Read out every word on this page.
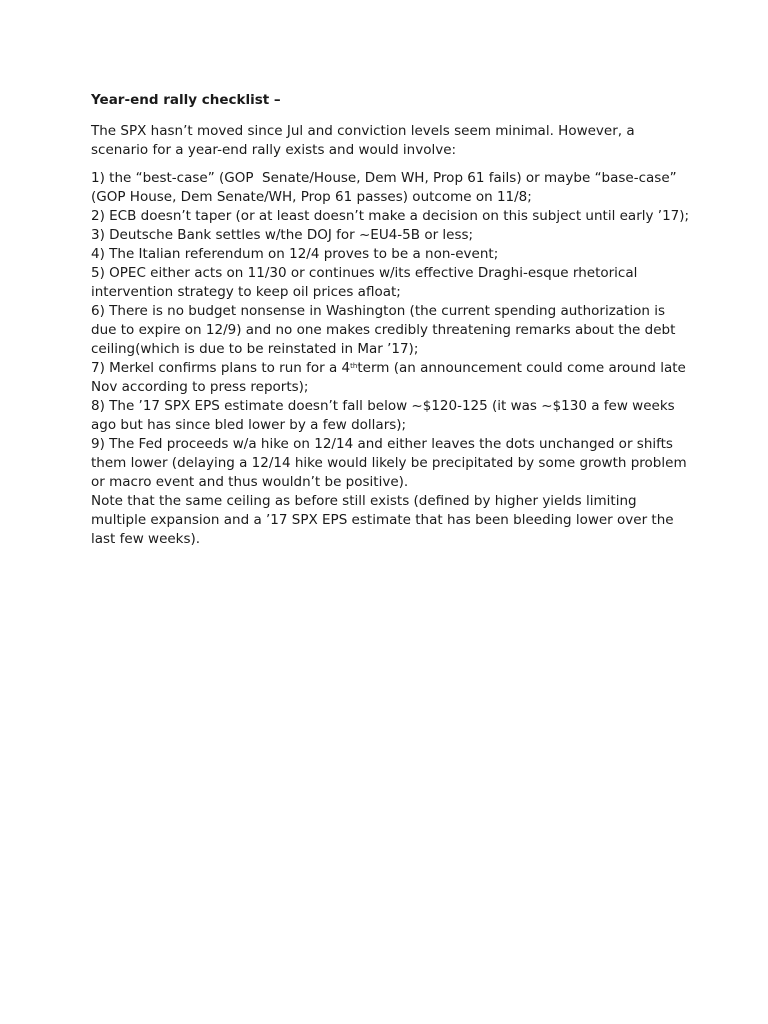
Year-end rally checklist –

The SPX hasn’t moved since Jul and conviction levels seem minimal. However, a scenario for a year-end rally exists and would involve:

1) the “best-case” (GOP  Senate/House, Dem WH, Prop 61 fails) or maybe “base-case” (GOP House, Dem Senate/WH, Prop 61 passes) outcome on 11/8;

2) ECB doesn’t taper (or at least doesn’t make a decision on this subject until early ’17);

3) Deutsche Bank settles w/the DOJ for ~EU4-5B or less;

4) The Italian referendum on 12/4 proves to be a non-event;

5) OPEC either acts on 11/30 or continues w/its effective Draghi-esque rhetorical intervention strategy to keep oil prices afloat;

6) There is no budget nonsense in Washington (the current spending authorization is due to expire on 12/9) and no one makes credibly threatening remarks about the debt ceiling(which is due to be reinstated in Mar ’17);

7) Merkel confirms plans to run for a 4thterm (an announcement could come around late Nov according to press reports);

8) The ’17 SPX EPS estimate doesn’t fall below ~$120-125 (it was ~$130 a few weeks ago but has since bled lower by a few dollars);

9) The Fed proceeds w/a hike on 12/14 and either leaves the dots unchanged or shifts them lower (delaying a 12/14 hike would likely be precipitated by some growth problem or macro event and thus wouldn’t be positive).

Note that the same ceiling as before still exists (defined by higher yields limiting multiple expansion and a ’17 SPX EPS estimate that has been bleeding lower over the last few weeks).
